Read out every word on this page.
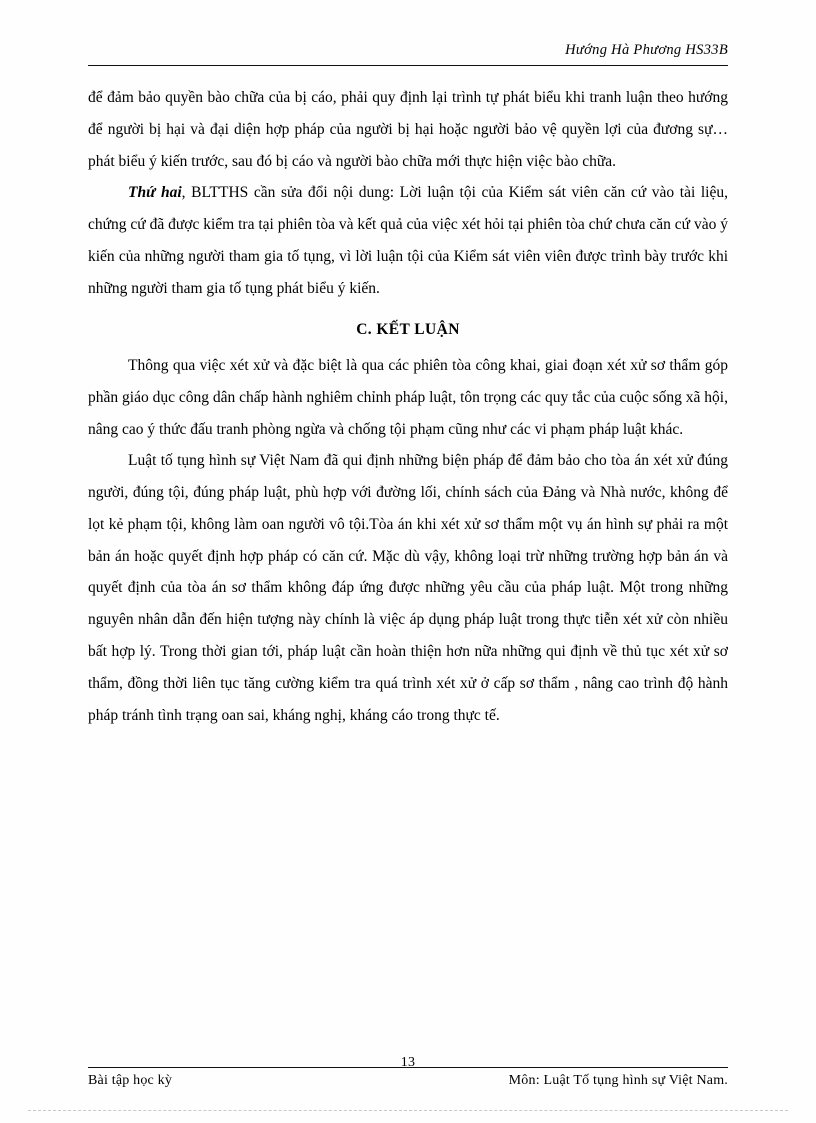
Hướng Hà Phương HS33B

để đảm bảo quyền bào chữa của bị cáo, phải quy định lại trình tự phát biểu khi tranh luận theo hướng để người bị hại và đại diện hợp pháp của người bị hại hoặc người bảo vệ quyền lợi của đương sự…phát biểu ý kiến trước, sau đó bị cáo và người bào chữa mới thực hiện việc bào chữa.

Thứ hai, BLTTHS cần sửa đổi nội dung: Lời luận tội của Kiểm sát viên căn cứ vào tài liệu, chứng cứ đã được kiểm tra tại phiên tòa và kết quả của việc xét hỏi tại phiên tòa chứ chưa căn cứ vào ý kiến của những người tham gia tố tụng, vì lời luận tội của Kiểm sát viên viên được trình bày trước khi những người tham gia tố tụng phát biểu ý kiến.

C. KẾT LUẬN

Thông qua việc xét xử và đặc biệt là qua các phiên tòa công khai, giai đoạn xét xử sơ thẩm góp phần giáo dục công dân chấp hành nghiêm chỉnh pháp luật, tôn trọng các quy tắc của cuộc sống xã hội, nâng cao ý thức đấu tranh phòng ngừa và chống tội phạm cũng như các vi phạm pháp luật khác.

Luật tố tụng hình sự Việt Nam đã qui định những biện pháp để đảm bảo cho tòa án xét xử đúng người, đúng tội, đúng pháp luật, phù hợp với đường lối, chính sách của Đảng và Nhà nước, không để lọt kẻ phạm tội, không làm oan người vô tội.Tòa án khi xét xử sơ thẩm một vụ án hình sự phải ra một bản án hoặc quyết định hợp pháp có căn cứ. Mặc dù vậy, không loại trừ những trường hợp bản án và quyết định của tòa án sơ thẩm không đáp ứng được những yêu cầu của pháp luật. Một trong những nguyên nhân dẫn đến hiện tượng này chính là việc áp dụng pháp luật trong thực tiễn xét xử còn nhiều bất hợp lý. Trong thời gian tới, pháp luật cần hoàn thiện hơn nữa những qui định về thủ tục xét xử sơ thẩm, đồng thời liên tục tăng cường kiểm tra quá trình xét xử ở cấp sơ thẩm , nâng cao trình độ hành pháp tránh tình trạng oan sai, kháng nghị, kháng cáo trong thực tế.

13
Bài tập học kỳ	Môn: Luật Tố tụng hình sự Việt Nam.
